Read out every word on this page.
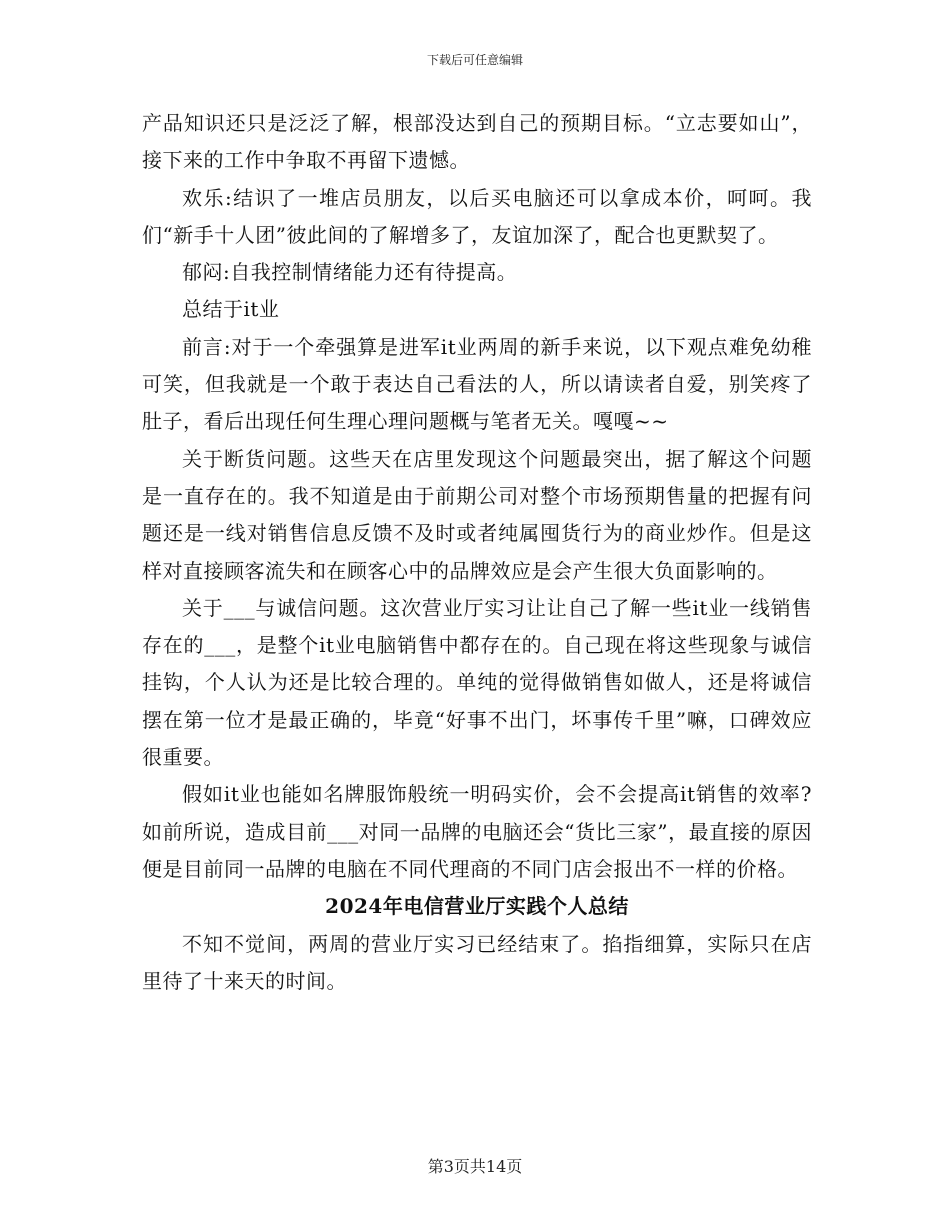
下载后可任意编辑

产品知识还只是泛泛了解，根部没达到自己的预期目标。“立志要如山”，接下来的工作中争取不再留下遗憾。

欢乐:结识了一堆店员朋友，以后买电脑还可以拿成本价，呵呵。我们“新手十人团”彼此间的了解增多了，友谊加深了，配合也更默契了。

郁闷:自我控制情绪能力还有待提高。

总结于it业

前言:对于一个牵强算是进军it业两周的新手来说，以下观点难免幼稚可笑，但我就是一个敢于表达自己看法的人，所以请读者自爱，别笑疼了肚子，看后出现任何生理心理问题概与笔者无关。嘎嘎~~

关于断货问题。这些天在店里发现这个问题最突出，据了解这个问题是一直存在的。我不知道是由于前期公司对整个市场预期售量的把握有问题还是一线对销售信息反馈不及时或者纯属囤货行为的商业炒作。但是这样对直接顾客流失和在顾客心中的品牌效应是会产生很大负面影响的。

关于___与诚信问题。这次营业厅实习让让自己了解一些it业一线销售存在的___，是整个it业电脑销售中都存在的。自己现在将这些现象与诚信挂钩，个人认为还是比较合理的。单纯的觉得做销售如做人，还是将诚信摆在第一位才是最正确的，毕竟“好事不出门，坏事传千里”嘛，口碑效应很重要。

假如it业也能如名牌服饰般统一明码实价，会不会提高it销售的效率?如前所说，造成目前___对同一品牌的电脑还会“货比三家”，最直接的原因便是目前同一品牌的电脑在不同代理商的不同门店会报出不一样的价格。

2024年电信营业厅实践个人总结

不知不觉间，两周的营业厅实习已经结束了。掐指细算，实际只在店里待了十来天的时间。

第3页共14页
